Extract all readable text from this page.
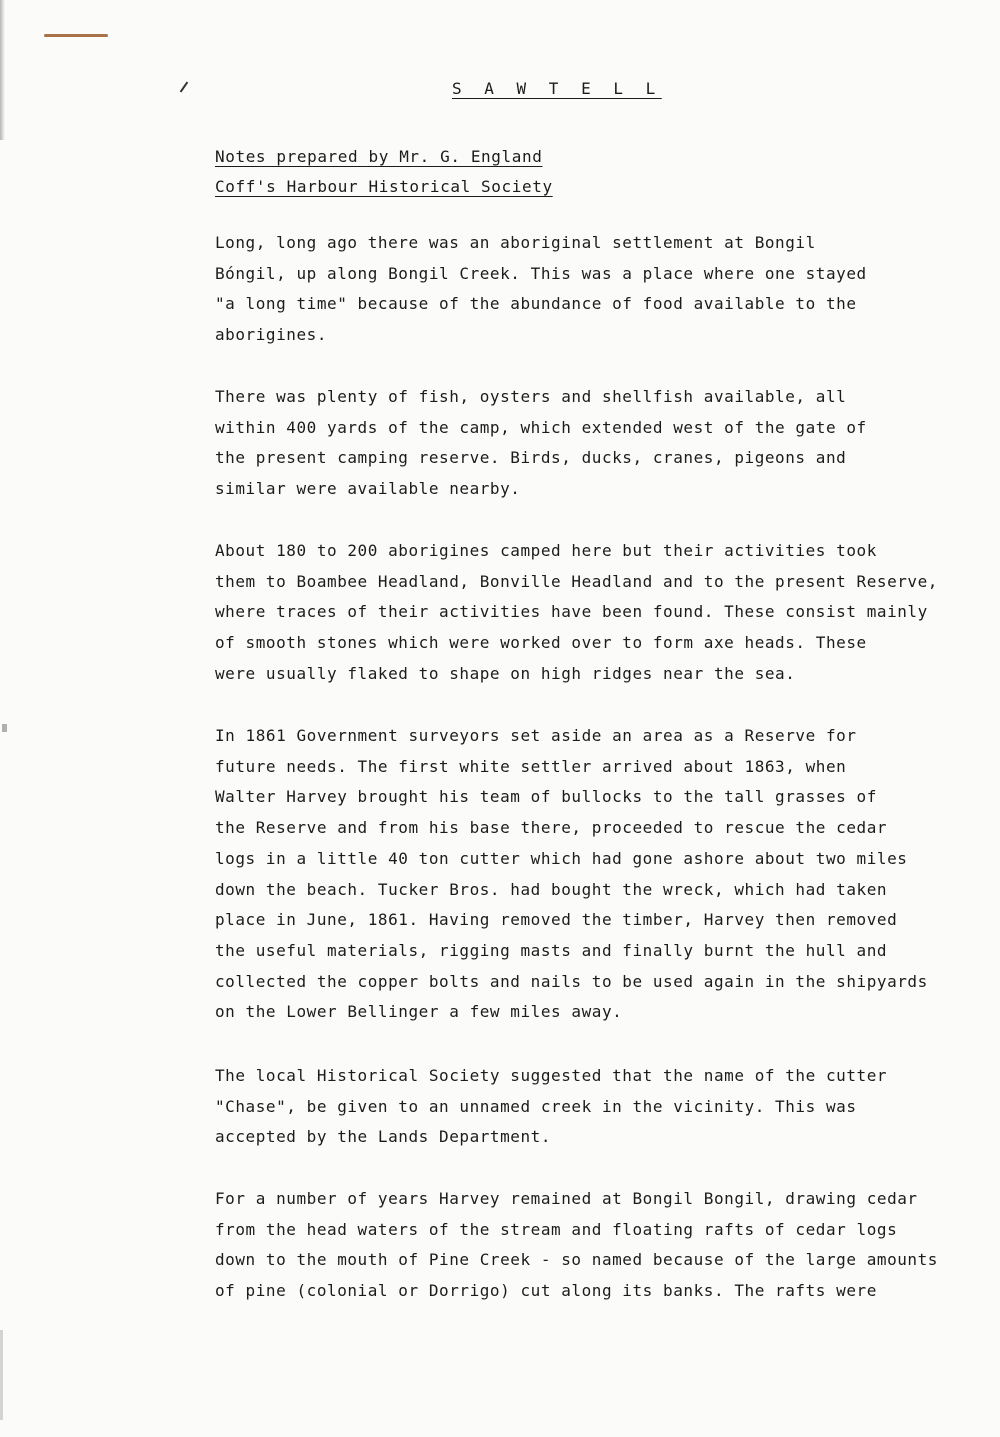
S A W T E L L
Notes prepared by Mr. G. England
Coff's Harbour Historical Society

Long, long ago there was an aboriginal settlement at Bongil
Bóngil, up along Bongil Creek. This was a place where one stayed
"a long time" because of the abundance of food available to the
aborigines.

There was plenty of fish, oysters and shellfish available, all
within 400 yards of the camp, which extended west of the gate of
the present camping reserve. Birds, ducks, cranes, pigeons and
similar were available nearby.

About 180 to 200 aborigines camped here but their activities took
them to Boambee Headland, Bonville Headland and to the present Reserve,
where traces of their activities have been found. These consist mainly
of smooth stones which were worked over to form axe heads. These
were usually flaked to shape on high ridges near the sea.

In 1861 Government surveyors set aside an area as a Reserve for
future needs. The first white settler arrived about 1863, when
Walter Harvey brought his team of bullocks to the tall grasses of
the Reserve and from his base there, proceeded to rescue the cedar
logs in a little 40 ton cutter which had gone ashore about two miles
down the beach. Tucker Bros. had bought the wreck, which had taken
place in June, 1861. Having removed the timber, Harvey then removed
the useful materials, rigging masts and finally burnt the hull and
collected the copper bolts and nails to be used again in the shipyards
on the Lower Bellinger a few miles away.

The local Historical Society suggested that the name of the cutter
"Chase", be given to an unnamed creek in the vicinity. This was
accepted by the Lands Department.

For a number of years Harvey remained at Bongil Bongil, drawing cedar
from the head waters of the stream and floating rafts of cedar logs
down to the mouth of Pine Creek - so named because of the large amounts
of pine (colonial or Dorrigo) cut along its banks. The rafts were
